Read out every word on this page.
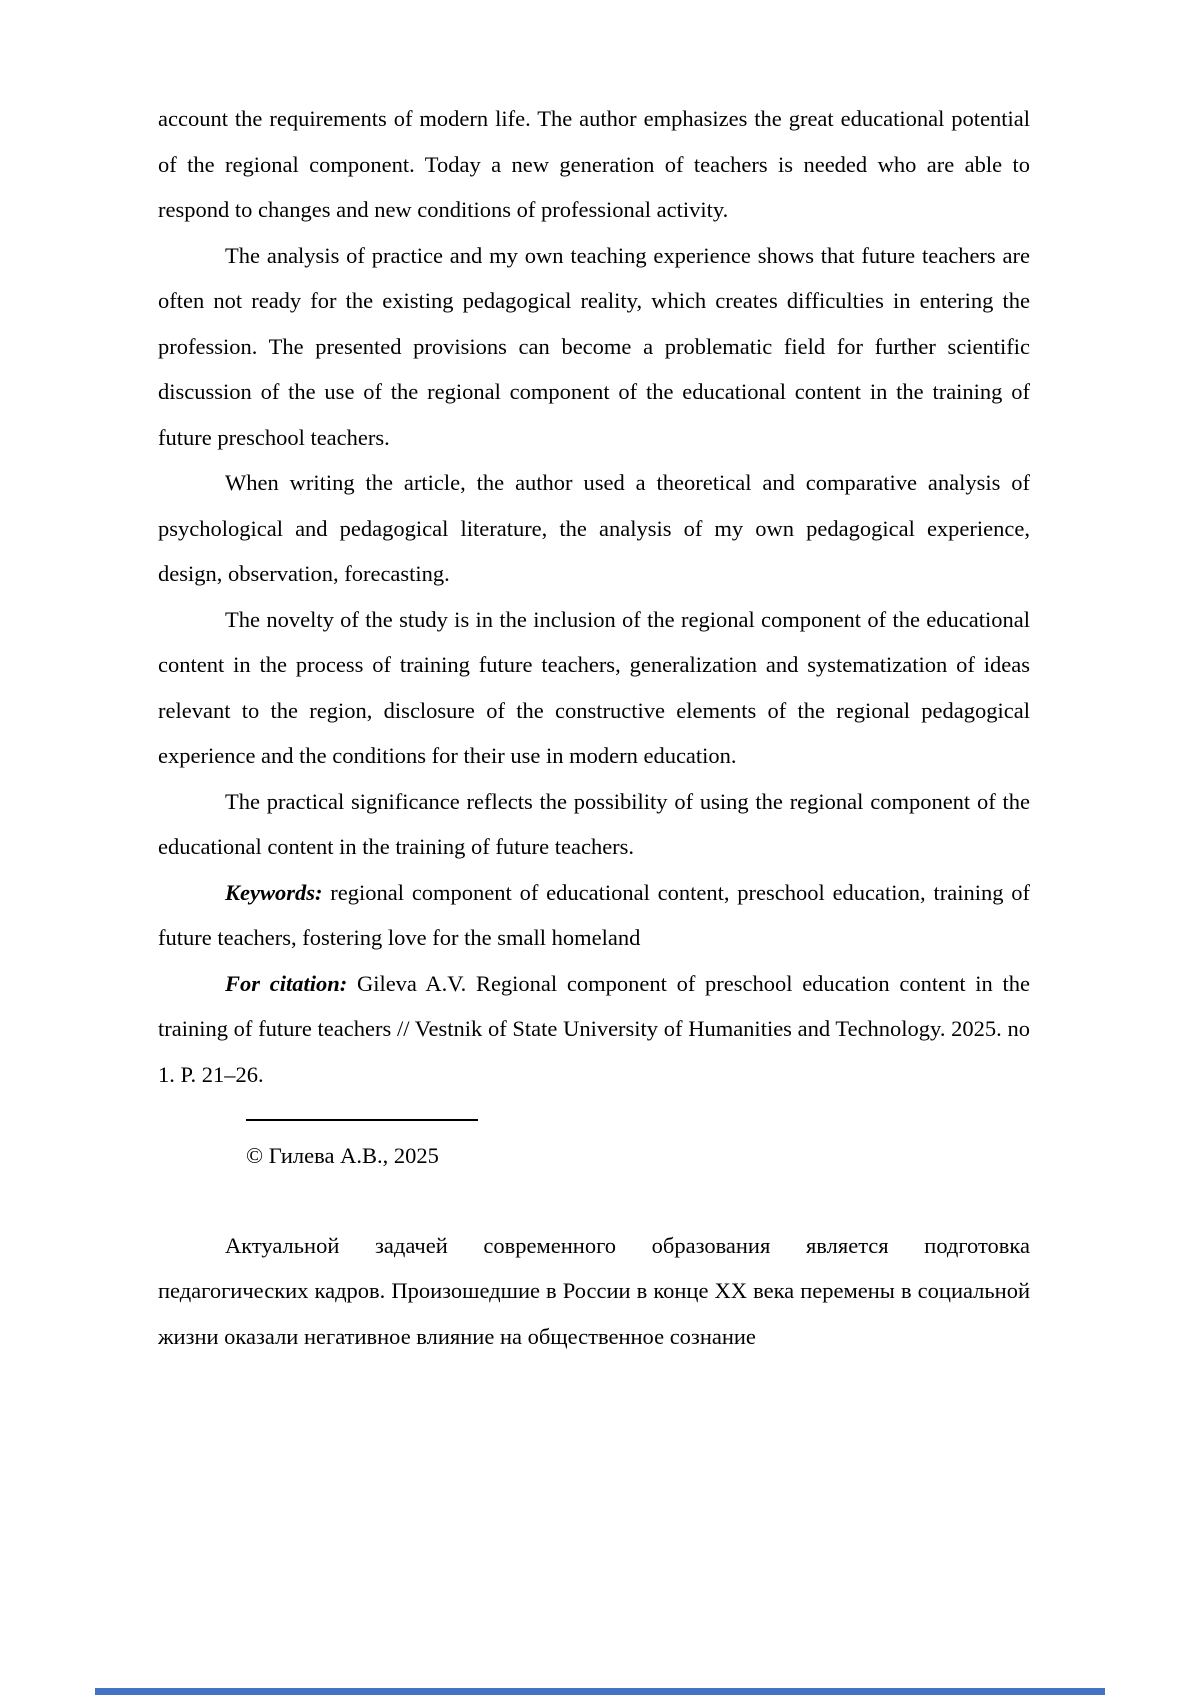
account the requirements of modern life. The author emphasizes the great educational potential of the regional component. Today a new generation of teachers is needed who are able to respond to changes and new conditions of professional activity.

The analysis of practice and my own teaching experience shows that future teachers are often not ready for the existing pedagogical reality, which creates difficulties in entering the profession. The presented provisions can become a problematic field for further scientific discussion of the use of the regional component of the educational content in the training of future preschool teachers.

When writing the article, the author used a theoretical and comparative analysis of psychological and pedagogical literature, the analysis of my own pedagogical experience, design, observation, forecasting.

The novelty of the study is in the inclusion of the regional component of the educational content in the process of training future teachers, generalization and systematization of ideas relevant to the region, disclosure of the constructive elements of the regional pedagogical experience and the conditions for their use in modern education.

The practical significance reflects the possibility of using the regional component of the educational content in the training of future teachers.

Keywords: regional component of educational content, preschool education, training of future teachers, fostering love for the small homeland

For citation: Gileva A.V. Regional component of preschool education content in the training of future teachers // Vestnik of State University of Humanities and Technology. 2025. no 1. P. 21–26.

© Гилева А.В., 2025

Актуальной задачей современного образования является подготовка педагогических кадров. Произошедшие в России в конце XX века перемены в социальной жизни оказали негативное влияние на общественное сознание
